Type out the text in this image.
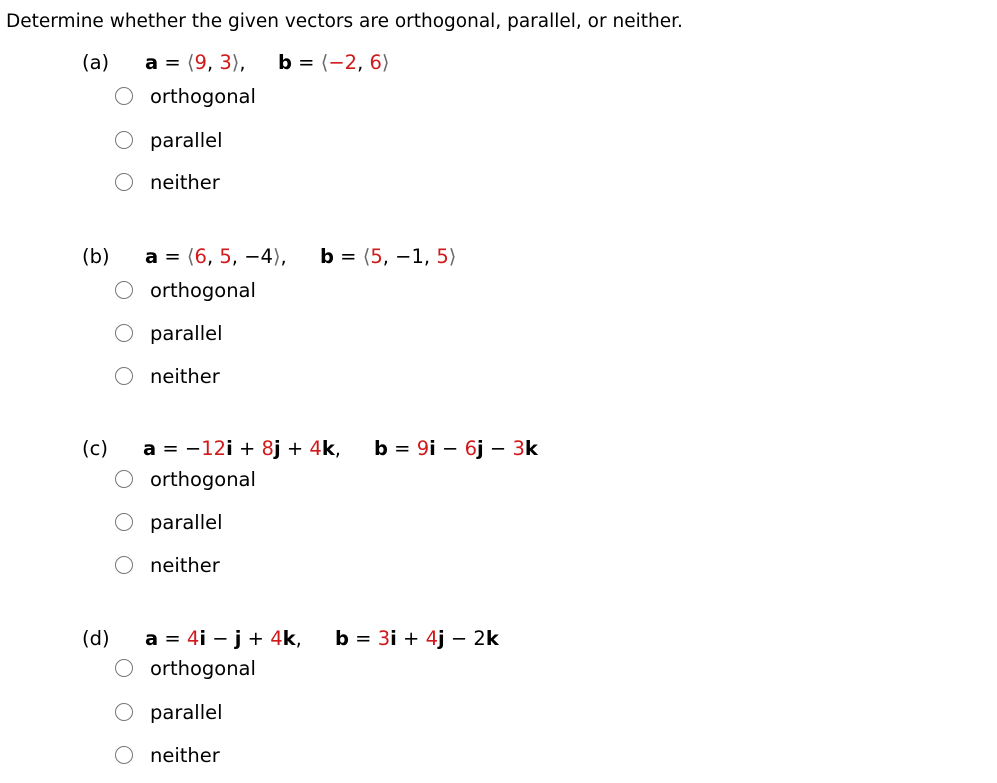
Determine whether the given vectors are orthogonal, parallel, or neither.
(a) a = ⟨9, 3⟩, b = ⟨−2, 6⟩
orthogonal
parallel
neither
(b) a = ⟨6, 5, −4⟩, b = ⟨5, −1, 5⟩
orthogonal
parallel
neither
(c) a = −12i + 8j + 4k, b = 9i − 6j − 3k
orthogonal
parallel
neither
(d) a = 4i − j + 4k, b = 3i + 4j − 2k
orthogonal
parallel
neither
